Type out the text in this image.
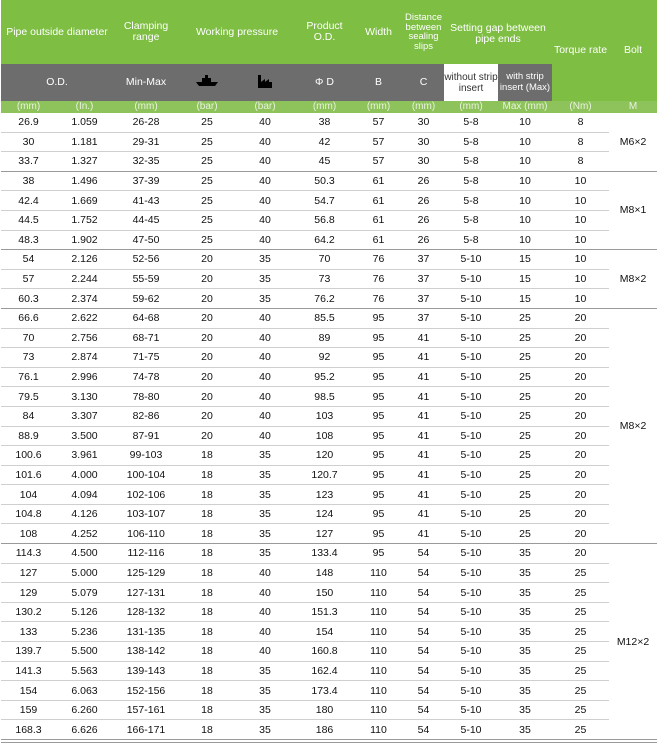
Pipe outside diameter		Clamping range	Working pressure		Product O.D.	Width	Distance between sealing slips	Setting gap between pipe ends		Torque rate	Bolt
O.D.		Min-Max			Φ D	B	C	without strip insert	with strip insert (Max)		
(mm)	(In.)	(mm)	(bar)	(bar)	(mm)	(mm)	(mm)	(mm)	Max (mm)	(Nm)	M
26.9	1.059	26-28	25	40	38	57	30	5-8	10	8	M6×2
30	1.181	29-31	25	40	42	57	30	5-8	10	8	
33.7	1.327	32-35	25	40	45	57	30	5-8	10	8	
38	1.496	37-39	25	40	50.3	61	26	5-8	10	10	M8×1
42.4	1.669	41-43	25	40	54.7	61	26	5-8	10	10	
44.5	1.752	44-45	25	40	56.8	61	26	5-8	10	10	
48.3	1.902	47-50	25	40	64.2	61	26	5-8	10	10	
54	2.126	52-56	20	35	70	76	37	5-10	15	10	M8×2
57	2.244	55-59	20	35	73	76	37	5-10	15	10	
60.3	2.374	59-62	20	35	76.2	76	37	5-10	15	10	
66.6	2.622	64-68	20	40	85.5	95	37	5-10	25	20	M8×2
70	2.756	68-71	20	40	89	95	41	5-10	25	20	
73	2.874	71-75	20	40	92	95	41	5-10	25	20	
76.1	2.996	74-78	20	40	95.2	95	41	5-10	25	20	
79.5	3.130	78-80	20	40	98.5	95	41	5-10	25	20	
84	3.307	82-86	20	40	103	95	41	5-10	25	20	
88.9	3.500	87-91	20	40	108	95	41	5-10	25	20	
100.6	3.961	99-103	18	35	120	95	41	5-10	25	20	
101.6	4.000	100-104	18	35	120.7	95	41	5-10	25	20	
104	4.094	102-106	18	35	123	95	41	5-10	25	20	
104.8	4.126	103-107	18	35	124	95	41	5-10	25	20	
108	4.252	106-110	18	35	127	95	41	5-10	25	20	
114.3	4.500	112-116	18	35	133.4	95	54	5-10	35	20	M12×2
127	5.000	125-129	18	40	148	110	54	5-10	35	25	
129	5.079	127-131	18	40	150	110	54	5-10	35	25	
130.2	5.126	128-132	18	40	151.3	110	54	5-10	35	25	
133	5.236	131-135	18	40	154	110	54	5-10	35	25	
139.7	5.500	138-142	18	40	160.8	110	54	5-10	35	25	
141.3	5.563	139-143	18	35	162.4	110	54	5-10	35	25	
154	6.063	152-156	18	35	173.4	110	54	5-10	35	25	
159	6.260	157-161	18	35	180	110	54	5-10	35	25	
168.3	6.626	166-171	18	35	186	110	54	5-10	35	25	
